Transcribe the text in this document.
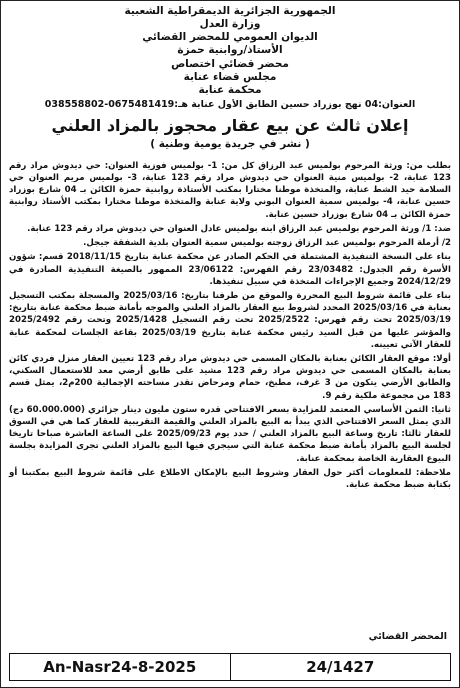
الجمهورية الجزائرية الديمقراطية الشعبية
وزارة العدل
الديوان العمومي للمحضر القضائي
الأستاذ/روابنية حمزة
محضر قضائي اختصاص
مجلس قضاء عنابة
محكمة عنابة
العنوان:04 نهج بوزراد حسين الطابق الأول عنابة هـ:0675481419-038558802
إعلان ثالث عن بيع عقار محجوز بالمزاد العلني
( نشر في جريدة يومية وطنية )

بطلب من: ورثة المرحوم بولميس عبد الرزاق كل من: 1- بولميس فوزية العنوان: حي ديدوش مراد رقم 123 عنابة، 2- بولميس منية العنوان حي ديدوش مراد رقم 123 عنابة، 3- بولميس مريم العنوان حي السلامة حيد الشط عنابة، والمتخذة موطنا مختارا بمكتب الأستاذة روابنية حمزة الكائن بـ 04 شارع بوزراد حسين عنابة، 4- بولميس سمية العنوان البوني ولاية عنابة والمتخذة موطنا مختارا بمكتب الأستاذ روابنية حمزة الكائن بـ 04 شارع بوزراد حسين عنابة.

ضد: 1/ ورثة المرحوم بولميس عبد الرزاق ابنه بولميس عادل العنوان حي ديدوش مراد رقم 123 عنابة.

2/ أرملة المرحوم بولميس عبد الرزاق زوجته بولميس سمية العنوان بلدية الشفقة جيجل.

بناء على النسخة التنفيذية المشتملة في الحكم الصادر عن محكمة عنابة بتاريخ 2018/11/15 قسم: شؤون الأسرة رقم الجدول: 23/03482 رقم الفهرس: 23/06122 الممهور بالصيغة التنفيذية الصادرة في 2024/12/29 وجميع الإجراءات المتخذة في سبيل تنفيذها.

بناء على قائمة شروط البيع المحررة والموقع من طرفنا بتاريخ: 2025/03/16 والمسجلة بمكتب التسجيل بعنابة في 2025/03/16 المحدد لشروط بيع العقار بالمزاد العلني والموجه بأمانة ضبط محكمة عنابة بتاريخ: 2025/03/19 تحت رقم فهرس: 2025/2522 تحت رقم التسجيل 2025/1428 وتحت رقم 2025/2492 والمؤشر عليها من قبل السيد رئيس محكمة عنابة بتاريخ 2025/03/19 بقاعة الجلسات لمحكمة عنابة للعقار الآتي تعيينه.

أولا: موقع العقار الكائن بعنابة بالمكان المسمى حي ديدوش مراد رقم 123 تعيين العقار منزل فردي كائن بعنابة بالمكان المسمى حي ديدوش مراد رقم 123 مشيد على طابق أرضي معد للاستعمال السكني، والطابق الأرضي يتكون من 3 غرف، مطبخ، حمام ومرحاض تقدر مساحته الإجمالية 200م2، يمثل قسم 183 من مجموعة ملكية رقم 9.

ثانيا: الثمن الأساسي المعتمد للمزايدة بسعر الافتتاحي قدره ستون مليون دينار جزائري (60.000.000 دج) الذي يمثل السعر الافتتاحي الذي يبدأ به البيع بالمزاد العلني والقيمة التقريبية للعقار كما هي في السوق للعقار ثالثا: تاريخ وساعة البيع بالمزاد العلني / حدد يوم 2025/09/23 على الساعة العاشرة صباحا تاريخا لجلسة البيع بالمزاد بأمانة ضبط محكمة عنابة التي سيجري فيها البيع بالمزاد العلني تجرى المزايدة بجلسة البيوع العقارية الخاصة بمحكمة عنابة.

ملاحظة: للمعلومات أكثر حول العقار وشروط البيع بالإمكان الاطلاع على قائمة شروط البيع بمكتبنا أو بكتابة ضبط محكمة عنابة.

المحضر القضائي
An-Nasr24-8-2025	24/1427
